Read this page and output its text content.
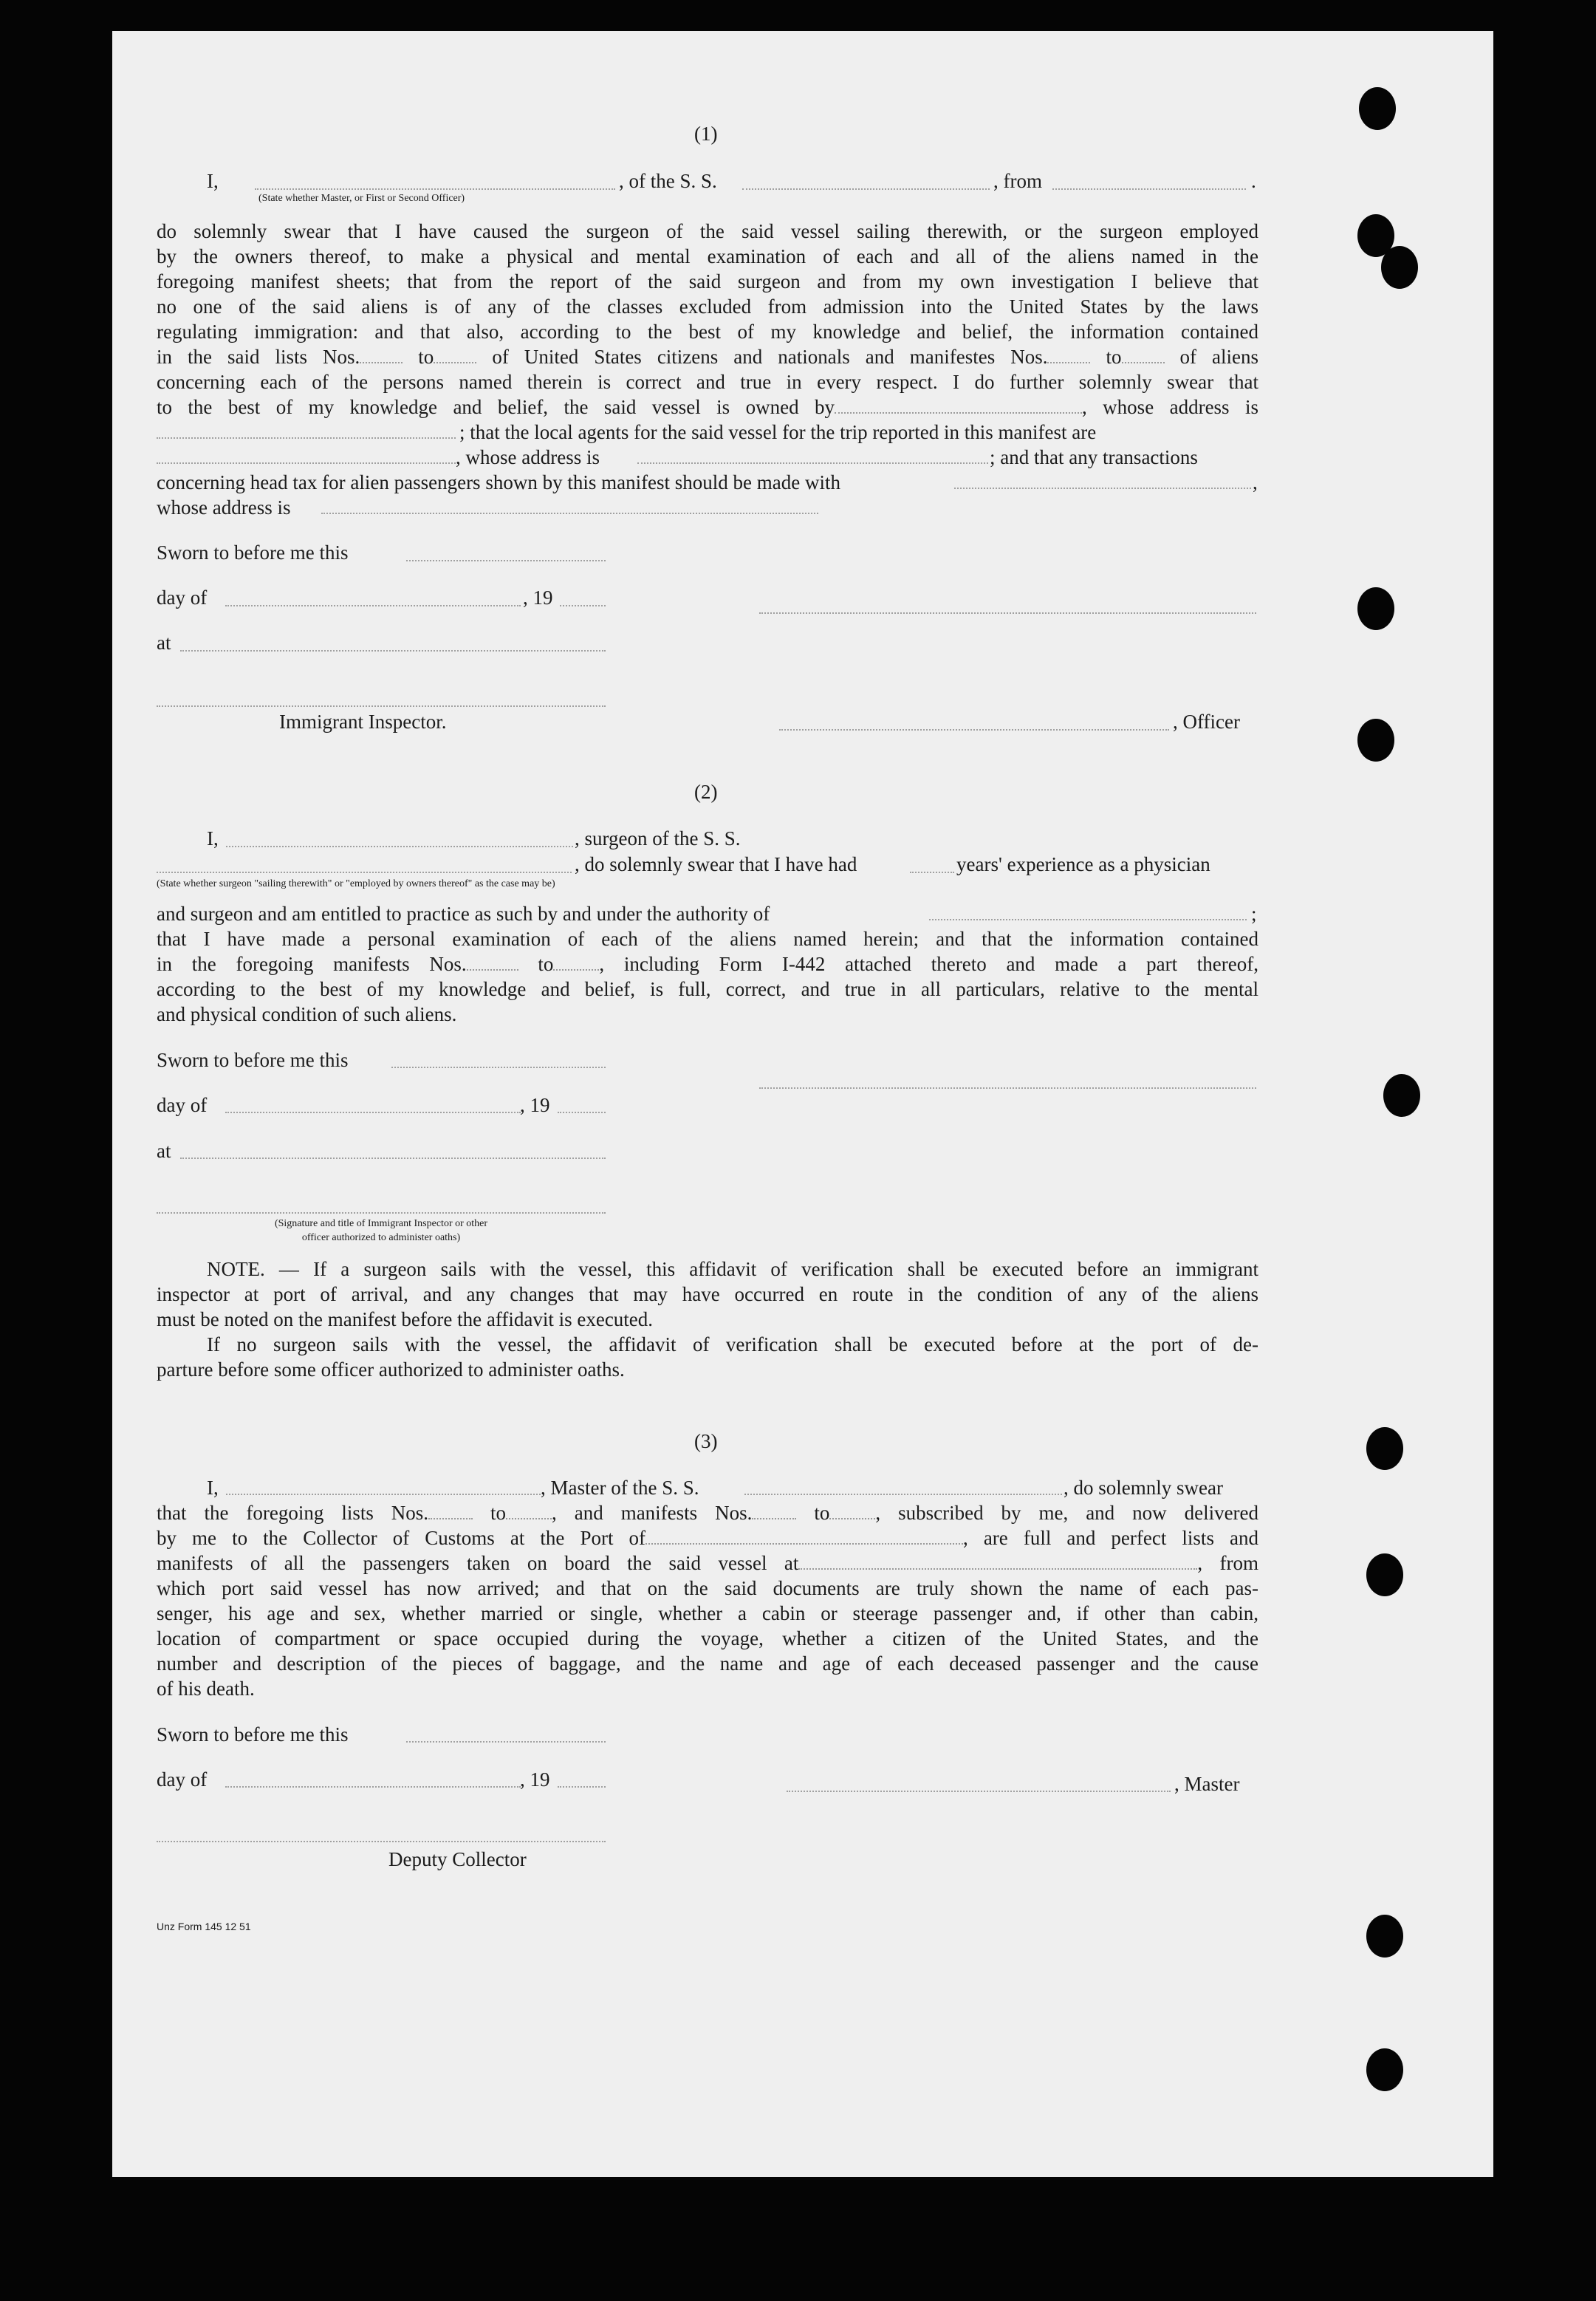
(1)
I,	, of the S. S.	, from	.
(State whether Master, or First or Second Officer)
do solemnly swear that I have caused the surgeon of the said vessel sailing therewith, or the surgeon employed
by the owners thereof, to make a physical and mental examination of each and all of the aliens named in the
foregoing manifest sheets; that from the report of the said surgeon and from my own investigation I believe that
no one of the said aliens is of any of the classes excluded from admission into the United States by the laws
regulating immigration: and that also, according to the best of my knowledge and belief, the information contained
in the said lists Nos.	to	of United States citizens and nationals and manifestes Nos.	to	of aliens
concerning each of the persons named therein is correct and true in every respect. I do further solemnly swear that
to the best of my knowledge and belief, the said vessel is owned by	, whose address is
; that the local agents for the said vessel for the trip reported in this manifest are
, whose address is	; and that any transactions
concerning head tax for alien passengers shown by this manifest should be made with	,
whose address is
Sworn to before me this
day of	, 19
at
Immigrant Inspector.	, Officer
(2)
I,	, surgeon of the S. S.
, do solemnly swear that I have had	years' experience as a physician
(State whether surgeon "sailing therewith" or "employed by owners thereof" as the case may be)
and surgeon and am entitled to practice as such by and under the authority of	;
that I have made a personal examination of each of the aliens named herein; and that the information contained
in the foregoing manifests Nos.	to , including Form I-442 attached thereto and made a part thereof,
according to the best of my knowledge and belief, is full, correct, and true in all particulars, relative to the mental
and physical condition of such aliens.
Sworn to before me this
day of	, 19
at
(Signature and title of Immigrant Inspector or other
officer authorized to administer oaths)
NOTE. — If a surgeon sails with the vessel, this affidavit of verification shall be executed before an immigrant
inspector at port of arrival, and any changes that may have occurred en route in the condition of any of the aliens
must be noted on the manifest before the affidavit is executed.
If no surgeon sails with the vessel, the affidavit of verification shall be executed before at the port of de-
parture before some officer authorized to administer oaths.
(3)
I,	, Master of the S. S.	, do solemnly swear
that the foregoing lists Nos.	to , and manifests Nos.	to , subscribed by me, and now delivered
by me to the Collector of Customs at the Port of	, are full and perfect lists and
manifests of all the passengers taken on board the said vessel at	, from
which port said vessel has now arrived; and that on the said documents are truly shown the name of each pas-
senger, his age and sex, whether married or single, whether a cabin or steerage passenger and, if other than cabin,
location of compartment or space occupied during the voyage, whether a citizen of the United States, and the
number and description of the pieces of baggage, and the name and age of each deceased passenger and the cause
of his death.
Sworn to before me this
day of	, 19	, Master
Deputy Collector
Unz Form 145 12 51
